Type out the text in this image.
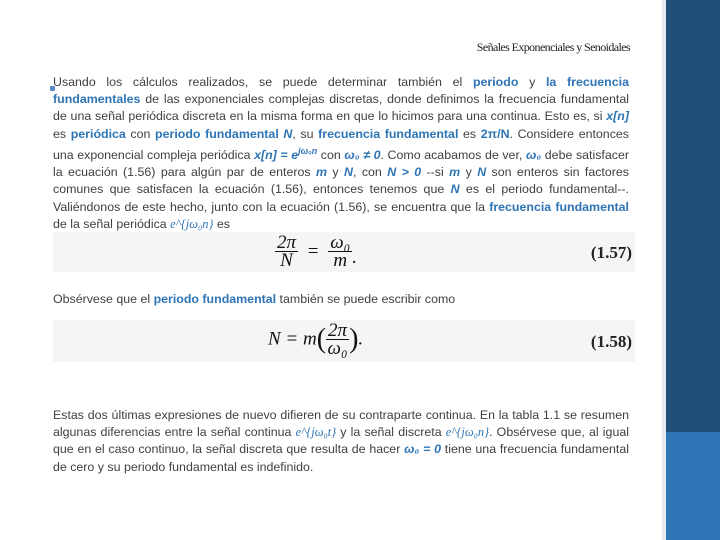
Señales Exponenciales y Senoidales
Usando los cálculos realizados, se puede determinar también el periodo y la frecuencia fundamentales de las exponenciales complejas discretas, donde definimos la frecuencia fundamental de una señal periódica discreta en la misma forma en que lo hicimos para una continua. Esto es, si x[n] es periódica con periodo fundamental N, su frecuencia fundamental es 2π/N. Considere entonces una exponencial compleja periódica $x[n] = e^{j\omega_0n}$ con ω₀ ≠ 0. Como acabamos de ver, ω₀ debe satisfacer la ecuación (1.56) para algún par de enteros m y N, con N > 0 --si m y N son enteros sin factores comunes que satisfacen la ecuación (1.56), entonces tenemos que N es el periodo fundamental--. Valiéndonos de este hecho, junto con la ecuación (1.56), se encuentra que la frecuencia fundamental de la señal periódica e^{jω₀n} es
$\frac{2\pi}{N} = \frac{\text{ω₀}}{m}$ .	(1.57)
Obsérvese que el periodo fundamental también se puede escribir como
$N = m( \frac{2\pi}{\text{ω₀}}$ ).	(1.58)
Estas dos últimas expresiones de nuevo difieren de su contraparte continua. En la tabla 1.1 se resumen algunas diferencias entre la señal continua e^{jω₀t} y la señal discreta e^{jω₀n}. Obsérvese que, al igual que en el caso continuo, la señal discreta que resulta de hacer ω₀ = 0 tiene una frecuencia fundamental de cero y su periodo fundamental es indefinido.
